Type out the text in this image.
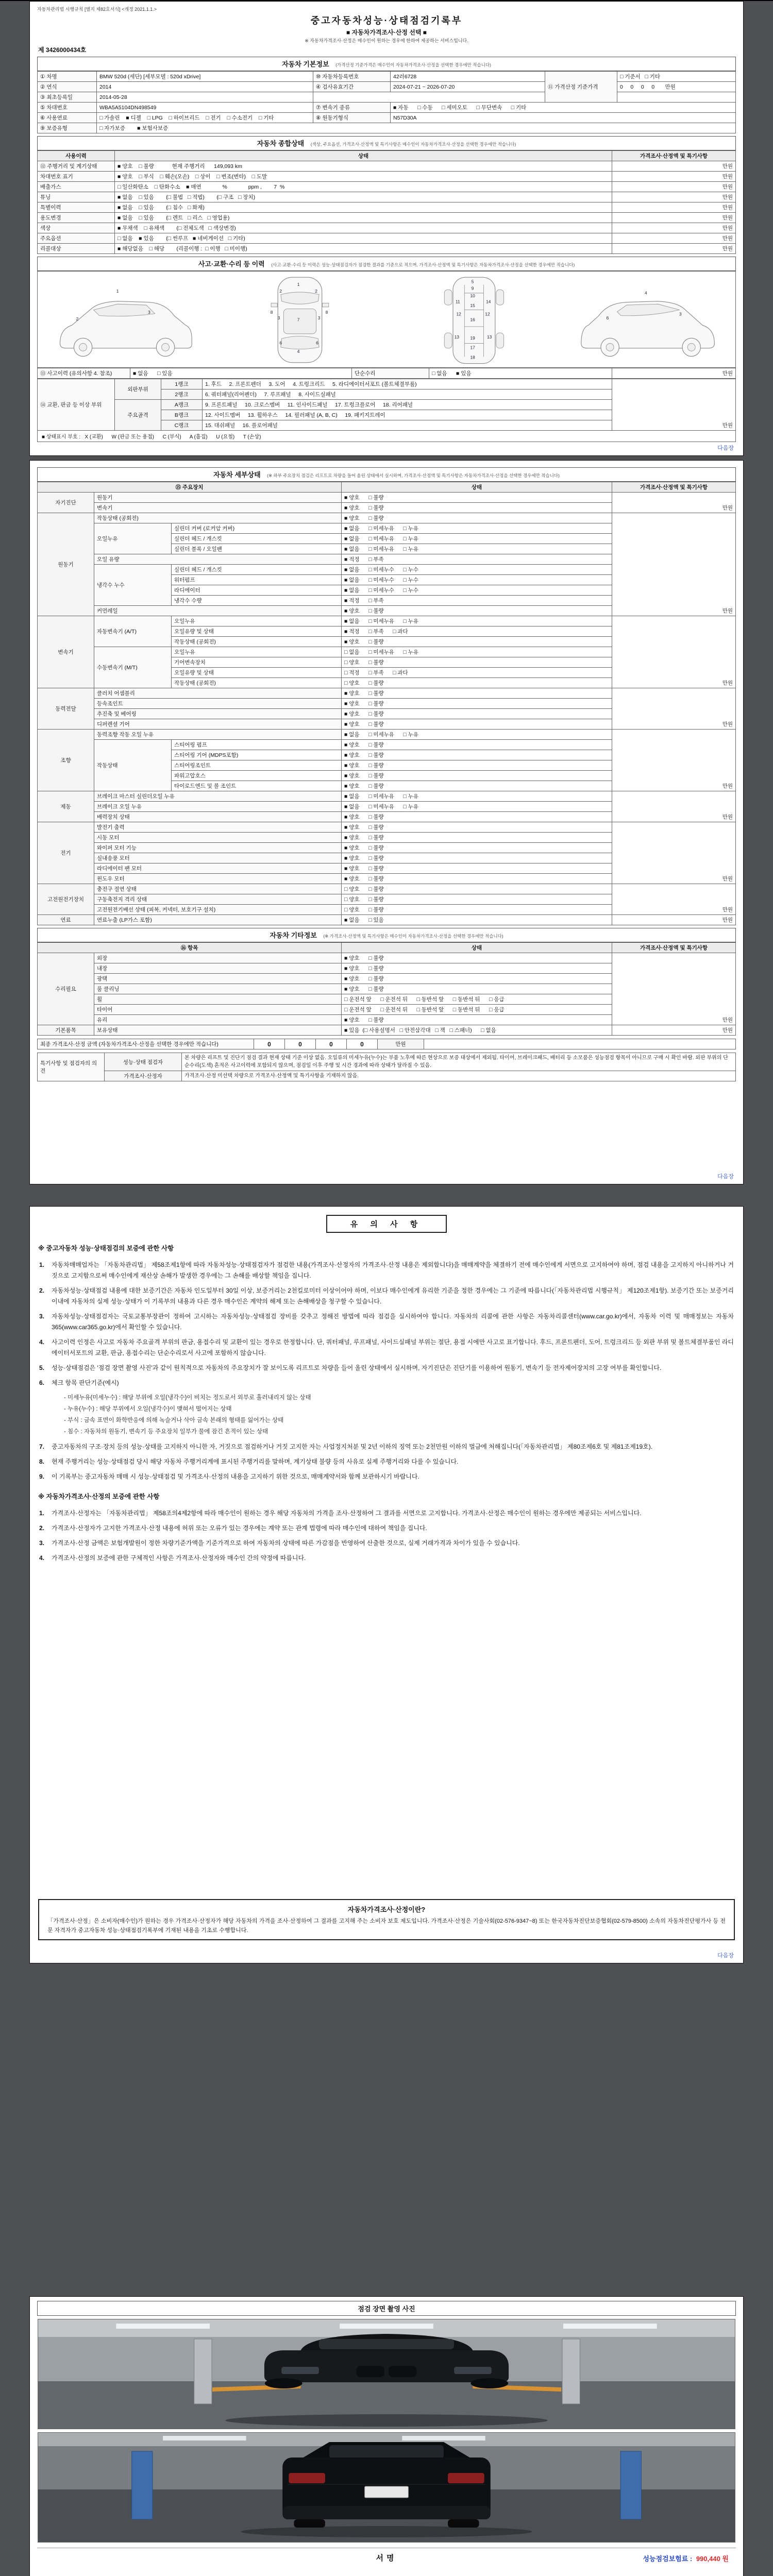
자동차관리법 시행규칙 [별지 제82호서식] <개정 2021.1.1.>
중고자동차성능·상태점검기록부
■ 자동차가격조사·산정 선택 ■
※ 자동차가격조사·산정은 매수인이 원하는 경우에 한하여 제공하는 서비스입니다.
제 3426000434호
자동차 기본정보 (가격산정 기준가격은 매수인이 자동차가격조사·산정을 선택한 경우에만 적습니다)
① 차명	BMW 520d (세단) [세부모델 : 520d xDrive]	⑩ 자동차등록번호	42러6728	⑪ 가격산정 기준가격	□ 기준서   □ 기타
② 연식	2014	④ 검사유효기간	2024-07-21 ~ 2026-07-20		0     0     0     0       만원
③ 최초등록일	2014-05-28				
⑤ 차대번호	WBA5A5104DN498549	⑦ 변속기 종류	■ 자동      □ 수동      □ 세미오토      □ 무단변속      □ 기타		
⑥ 사용연료	□ 가솔린    ■ 디젤    □ LPG    □ 하이브리드    □ 전기    □ 수소전기    □ 기타	⑧ 원동기형식	N57D30A		
⑨ 보증유형	□ 자가보증        ■ 보험사보증				
자동차 종합상태 (색상, 주요옵션, 가격조사·산정액 및 특기사항은 매수인이 자동차가격조사·산정을 선택한 경우에만 적습니다)
사용이력	상태	가격조사·산정액 및 특기사항
⑫ 주행거리 및 계기상태	■ 양호    □ 불량            현재 주행거리      149,093 km	만원
차대번호 표기	■ 양호    □ 부식    □ 훼손(오손)    □ 상이    □ 변조(변타)    □ 도말	만원
배출가스	□ 일산화탄소    □ 탄화수소    ■ 매연              %              ppm ,        7  %	만원
튜닝	■ 없음    □ 있음        (□ 불법   □ 적법)        (□ 구조   □ 장치)	만원
특별이력	■ 없음    □ 있음        (□ 침수   □ 화재)	만원
용도변경	■ 없음    □ 있음        (□ 렌트   □ 리스   □ 영업용)	만원
색상	■ 무채색    □ 유채색        (□ 전체도색   □ 색상변경)	만원
주요옵션	□ 없음    ■ 있음        (□ 썬루프   ■ 네비게이션   □ 기타)	만원
리콜대상	■ 해당없음    □ 해당        (리콜이행 :  □ 이행   □ 미이행)	만원
사고·교환·수리 등 이력 (사고·교환·수리 등 이력은 성능·상태점검자가 점검한 결과를 기준으로 적으며, 가격조사·산정액 및 특기사항은 자동차가격조사·산정을 선택한 경우에만 적습니다)
1
2
3
1
7
4
2	2
3	3
6	6
8	8
5
9
10
11	14
15
12	12
16
13	13
19
17
18
4
6
3
⑬ 사고이력 (유의사항 4. 참조)	■ 없음      □ 있음	단순수리	□ 없음      ■ 있음	만원
⑭ 교환, 판금 등 이상 부위	외판부위	1랭크	1. 후드     2. 프론트펜더     3. 도어     4. 트렁크리드     5. 라디에이터서포트 (볼트체결부품)	만원
		2랭크	6. 쿼터패널(리어펜더)     7. 루프패널     8. 사이드실패널	
	주요골격	A랭크	9. 프론트패널     10. 크로스멤버     11. 인사이드패널     17. 트렁크플로어     18. 리어패널	
		B랭크	12. 사이드멤버     13. 휠하우스     14. 필러패널 (A, B, C)     19. 패키지트레이	
		C랭크	15. 대쉬패널     16. 플로어패널	
■ 상태표시 부호 :   X (교환)      W (판금 또는 용접)      C (부식)      A (흠집)      U (요철)      T (손상)
다음장
자동차 세부상태 (※ 하부 주요장치 점검은 리프트로 차량을 들어 올린 상태에서 실시하며, 가격조사·산정액 및 특기사항은 자동차가격조사·산정을 선택한 경우에만 적습니다)
⑮ 주요장치			상태	가격조사·산정액 및 특기사항
자기진단	원동기		■ 양호      □ 불량	만원
	변속기		■ 양호      □ 불량	
원동기	작동상태 (공회전)		■ 양호      □ 불량	만원
	오일누유	실린더 커버 (로커암 커버)	■ 없음      □ 미세누유      □ 누유	
		실린더 헤드 / 개스킷	■ 없음      □ 미세누유      □ 누유	
		실린더 블록 / 오일팬	■ 없음      □ 미세누유      □ 누유	
	오일 유량		■ 적정      □ 부족	
	냉각수 누수	실린더 헤드 / 개스킷	■ 없음      □ 미세누수      □ 누수	
		워터펌프	■ 없음      □ 미세누수      □ 누수	
		라디에이터	■ 없음      □ 미세누수      □ 누수	
		냉각수 수량	■ 적정      □ 부족	
	커먼레일		■ 양호      □ 불량	
변속기	자동변속기 (A/T)	오일누유	■ 없음      □ 미세누유      □ 누유	만원
		오일유량 및 상태	■ 적정      □ 부족      □ 과다	
		작동상태 (공회전)	■ 양호      □ 불량	
	수동변속기 (M/T)	오일누유	□ 없음      □ 미세누유      □ 누유	
		기어변속장치	□ 양호      □ 불량	
		오일유량 및 상태	□ 적정      □ 부족      □ 과다	
		작동상태 (공회전)	□ 양호      □ 불량	
동력전달	클러치 어셈블리		■ 양호      □ 불량	만원
	등속조인트		■ 양호      □ 불량	
	추진축 및 베어링		■ 양호      □ 불량	
	디퍼렌셜 기어		■ 양호      □ 불량	
조향	동력조향 작동 오일 누유		■ 없음      □ 미세누유      □ 누유	만원
	작동상태	스티어링 펌프	■ 양호      □ 불량	
		스티어링 기어 (MDPS포함)	■ 양호      □ 불량	
		스티어링조인트	■ 양호      □ 불량	
		파워고압호스	■ 양호      □ 불량	
		타이로드엔드 및 볼 조인트	■ 양호      □ 불량	
제동	브레이크 마스터 실린더오일 누유		■ 없음      □ 미세누유      □ 누유	만원
	브레이크 오일 누유		■ 없음      □ 미세누유      □ 누유	
	배력장치 상태		■ 양호      □ 불량	
전기	발전기 출력		■ 양호      □ 불량	만원
	시동 모터		■ 양호      □ 불량	
	와이퍼 모터 기능		■ 양호      □ 불량	
	실내송풍 모터		■ 양호      □ 불량	
	라디에이터 팬 모터		■ 양호      □ 불량	
	윈도우 모터		■ 양호      □ 불량	
고전원전기장치	충전구 절연 상태		□ 양호      □ 불량	만원
	구동축전지 격리 상태		□ 양호      □ 불량	
	고전원전기배선 상태 (피복, 커넥터, 보호기구 설치)		□ 양호      □ 불량	
연료	연료누출 (LP가스 포함)		■ 없음      □ 있음	만원
자동차 기타정보 (※ 가격조사·산정액 및 특기사항은 매수인이 자동차가격조사·산정을 선택한 경우에만 적습니다)
⑯ 항목		상태	가격조사·산정액 및 특기사항
수리필요	외장	■ 양호      □ 불량	만원
	내장	■ 양호      □ 불량	
	광택	■ 양호      □ 불량	
	룸 클리닝	■ 양호      □ 불량	
	휠	□ 운전석 앞      □ 운전석 뒤      □ 동반석 앞      □ 동반석 뒤      □ 응급	
	타이어	□ 운전석 앞      □ 운전석 뒤      □ 동반석 앞      □ 동반석 뒤      □ 응급	
	유리	■ 양호      □ 불량	
기본품목	보유상태	■ 있음  (□ 사용설명서   □ 안전삼각대   □ 잭   □ 스패너)      □ 없음	만원
최종 가격조사·산정 금액 (자동차가격조사·산정을 선택한 경우에만 적습니다)	0	0	0	0	만원	
특기사항 및 점검자의 의견	성능·상태 점검자	본 차량은 리프트 및 진단기 점검 결과 현재 상태 기준 이상 없음. 오일류의 미세누유(누수)는 부품 노후에 따른 현상으로 보증 대상에서 제외됨. 타이어, 브레이크패드, 배터리 등 소모품은 성능점검 항목이 아니므로 구매 시 확인 바람. 외판 부위의 단순수리(도색) 흔적은 사고이력에 포함되지 않으며, 점검일 이후 주행 및 시간 경과에 따라 상태가 달라질 수 있음.
	가격조사·산정자	가격조사·산정 미선택 차량으로 가격조사·산정액 및 특기사항을 기재하지 않음.
다음장
유 의 사 항
※ 중고자동차 성능·상태점검의 보증에 관한 사항
1.	자동차매매업자는 「자동차관리법」 제58조제1항에 따라 자동차성능·상태점검자가 점검한 내용(가격조사·산정자의 가격조사·산정 내용은 제외합니다)을 매매계약을 체결하기 전에 매수인에게 서면으로 고지하여야 하며, 점검 내용을 고지하지 아니하거나 거짓으로 고지함으로써 매수인에게 재산상 손해가 발생한 경우에는 그 손해를 배상할 책임을 집니다.
2.	자동차성능·상태점검 내용에 대한 보증기간은 자동차 인도일부터 30일 이상, 보증거리는 2천킬로미터 이상이어야 하며, 이보다 매수인에게 유리한 기준을 정한 경우에는 그 기준에 따릅니다(「자동차관리법 시행규칙」 제120조제1항). 보증기간 또는 보증거리 이내에 자동차의 실제 성능·상태가 이 기록부의 내용과 다른 경우 매수인은 계약의 해제 또는 손해배상을 청구할 수 있습니다.
3.	자동차성능·상태점검자는 국토교통부장관이 정하여 고시하는 자동차성능·상태점검 장비를 갖추고 정해진 방법에 따라 점검을 실시하여야 합니다. 자동차의 리콜에 관한 사항은 자동차리콜센터(www.car.go.kr)에서, 자동차 이력 및 매매정보는 자동차365(www.car365.go.kr)에서 확인할 수 있습니다.
4.	사고이력 인정은 사고로 자동차 주요골격 부위의 판금, 용접수리 및 교환이 있는 경우로 한정합니다. 단, 쿼터패널, 루프패널, 사이드실패널 부위는 절단, 용접 시에만 사고로 표기합니다. 후드, 프론트펜더, 도어, 트렁크리드 등 외판 부위 및 볼트체결부품인 라디에이터서포트의 교환, 판금, 용접수리는 단순수리로서 사고에 포함하지 않습니다.
5.	성능·상태점검은 '점검 장면 촬영 사진'과 같이 원칙적으로 자동차의 주요장치가 잘 보이도록 리프트로 차량을 들어 올린 상태에서 실시하며, 자기진단은 진단기를 이용하여 원동기, 변속기 등 전자제어장치의 고장 여부를 확인합니다.
6.	체크 항목 판단기준(예시)
- 미세누유(미세누수) : 해당 부위에 오일(냉각수)이 비치는 정도로서 외부로 흘러내리지 않는 상태
- 누유(누수) : 해당 부위에서 오일(냉각수)이 맺혀서 떨어지는 상태
- 부식 : 금속 표면이 화학반응에 의해 녹슬거나 삭아 금속 본래의 형태를 잃어가는 상태
- 침수 : 자동차의 원동기, 변속기 등 주요장치 일부가 물에 잠긴 흔적이 있는 상태
7.	중고자동차의 구조·장치 등의 성능·상태를 고지하지 아니한 자, 거짓으로 점검하거나 거짓 고지한 자는 사업정지처분 및 2년 이하의 징역 또는 2천만원 이하의 벌금에 처해집니다(「자동차관리법」 제80조제6호 및 제81조제19호).
8.	현재 주행거리는 성능·상태점검 당시 해당 자동차 주행거리계에 표시된 주행거리를 말하며, 계기상태 불량 등의 사유로 실제 주행거리와 다를 수 있습니다.
9.	이 기록부는 중고자동차 매매 시 성능·상태점검 및 가격조사·산정의 내용을 고지하기 위한 것으로, 매매계약서와 함께 보관하시기 바랍니다.
※ 자동차가격조사·산정의 보증에 관한 사항
1.	가격조사·산정자는 「자동차관리법」 제58조의4제2항에 따라 매수인이 원하는 경우 해당 자동차의 가격을 조사·산정하여 그 결과를 서면으로 고지합니다. 가격조사·산정은 매수인이 원하는 경우에만 제공되는 서비스입니다.
2.	가격조사·산정자가 고지한 가격조사·산정 내용에 허위 또는 오류가 있는 경우에는 계약 또는 관계 법령에 따라 매수인에 대하여 책임을 집니다.
3.	가격조사·산정 금액은 보험개발원이 정한 차량기준가액을 기준가격으로 하여 자동차의 상태에 따른 가감점을 반영하여 산출한 것으로, 실제 거래가격과 차이가 있을 수 있습니다.
4.	가격조사·산정의 보증에 관한 구체적인 사항은 가격조사·산정자와 매수인 간의 약정에 따릅니다.
자동차가격조사·산정이란?
「가격조사·산정」은 소비자(매수인)가 원하는 경우 가격조사·산정자가 해당 자동차의 가격을 조사·산정하여 그 결과를 고지해 주는 소비자 보호 제도입니다. 가격조사·산정은 기술사회(02-576-9347~8) 또는 한국자동차진단보증협회(02-579-8500) 소속의 자동차진단평가사 등 전문 자격자가 중고자동차 성능·상태점검기록부에 기재된 내용을 기초로 수행합니다.
다음장
점검 장면 촬영 사진
서명	성능점검보험료 : 990,440 원
